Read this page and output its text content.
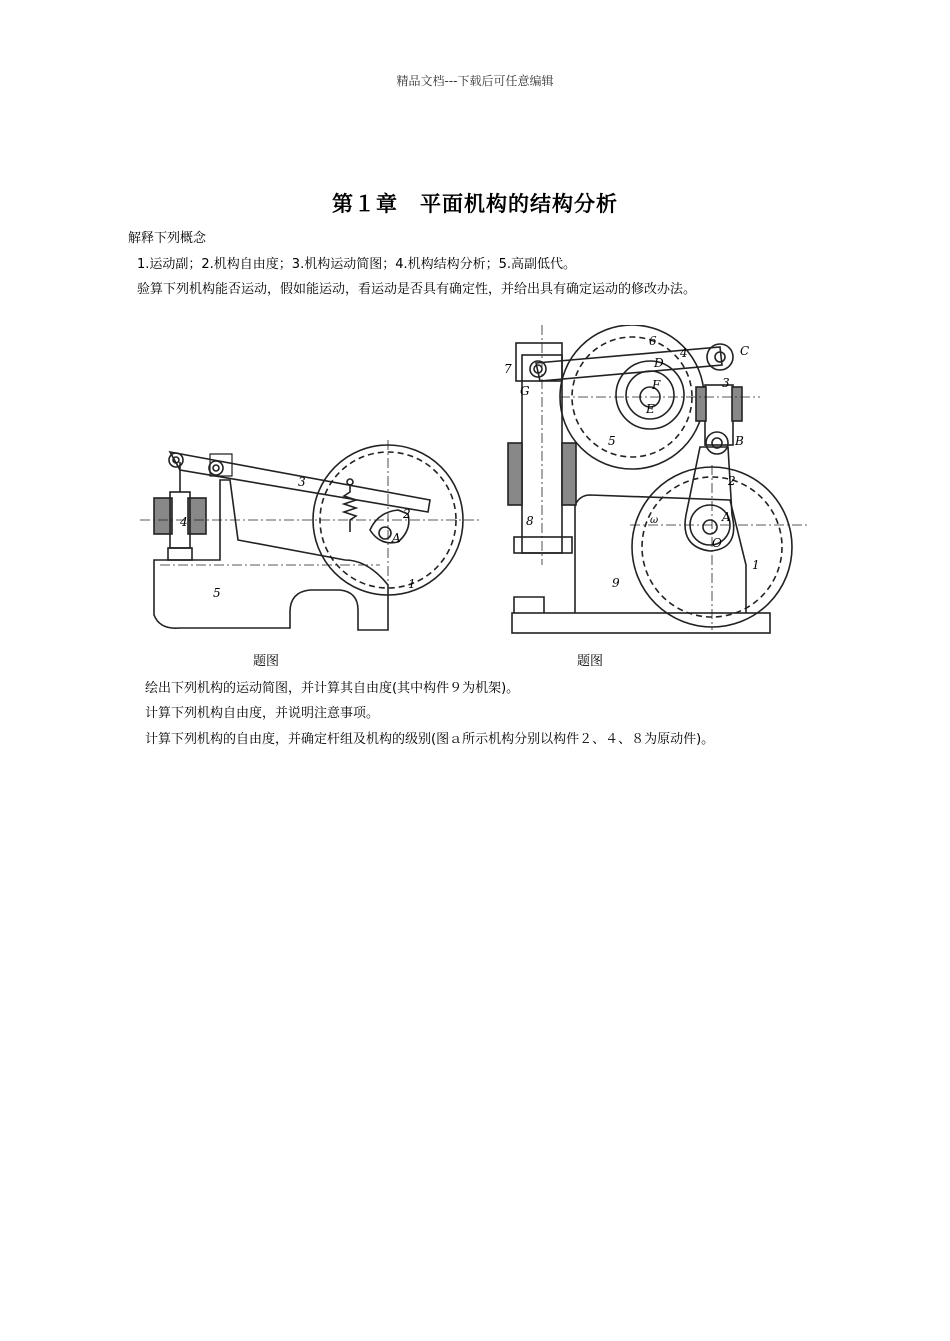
精品文档---下载后可任意编辑
第１章　平面机构的结构分析
解释下列概念
1.运动副；2.机构自由度；3.机构运动简图；4.机构结构分析；5.高副低代。
验算下列机构能否运动，假如能运动，看运动是否具有确定性，并给出具有确定运动的修改办法。
1
2
3
4
5
A
题图
1
2
3
4
5
6
7
8
9
A
B
C
D
E
F
G
O
ω
题图
绘出下列机构的运动简图，并计算其自由度(其中构件９为机架)。
计算下列机构自由度，并说明注意事项。
计算下列机构的自由度，并确定杆组及机构的级别(图ａ所示机构分别以构件２、４、８为原动件)。
